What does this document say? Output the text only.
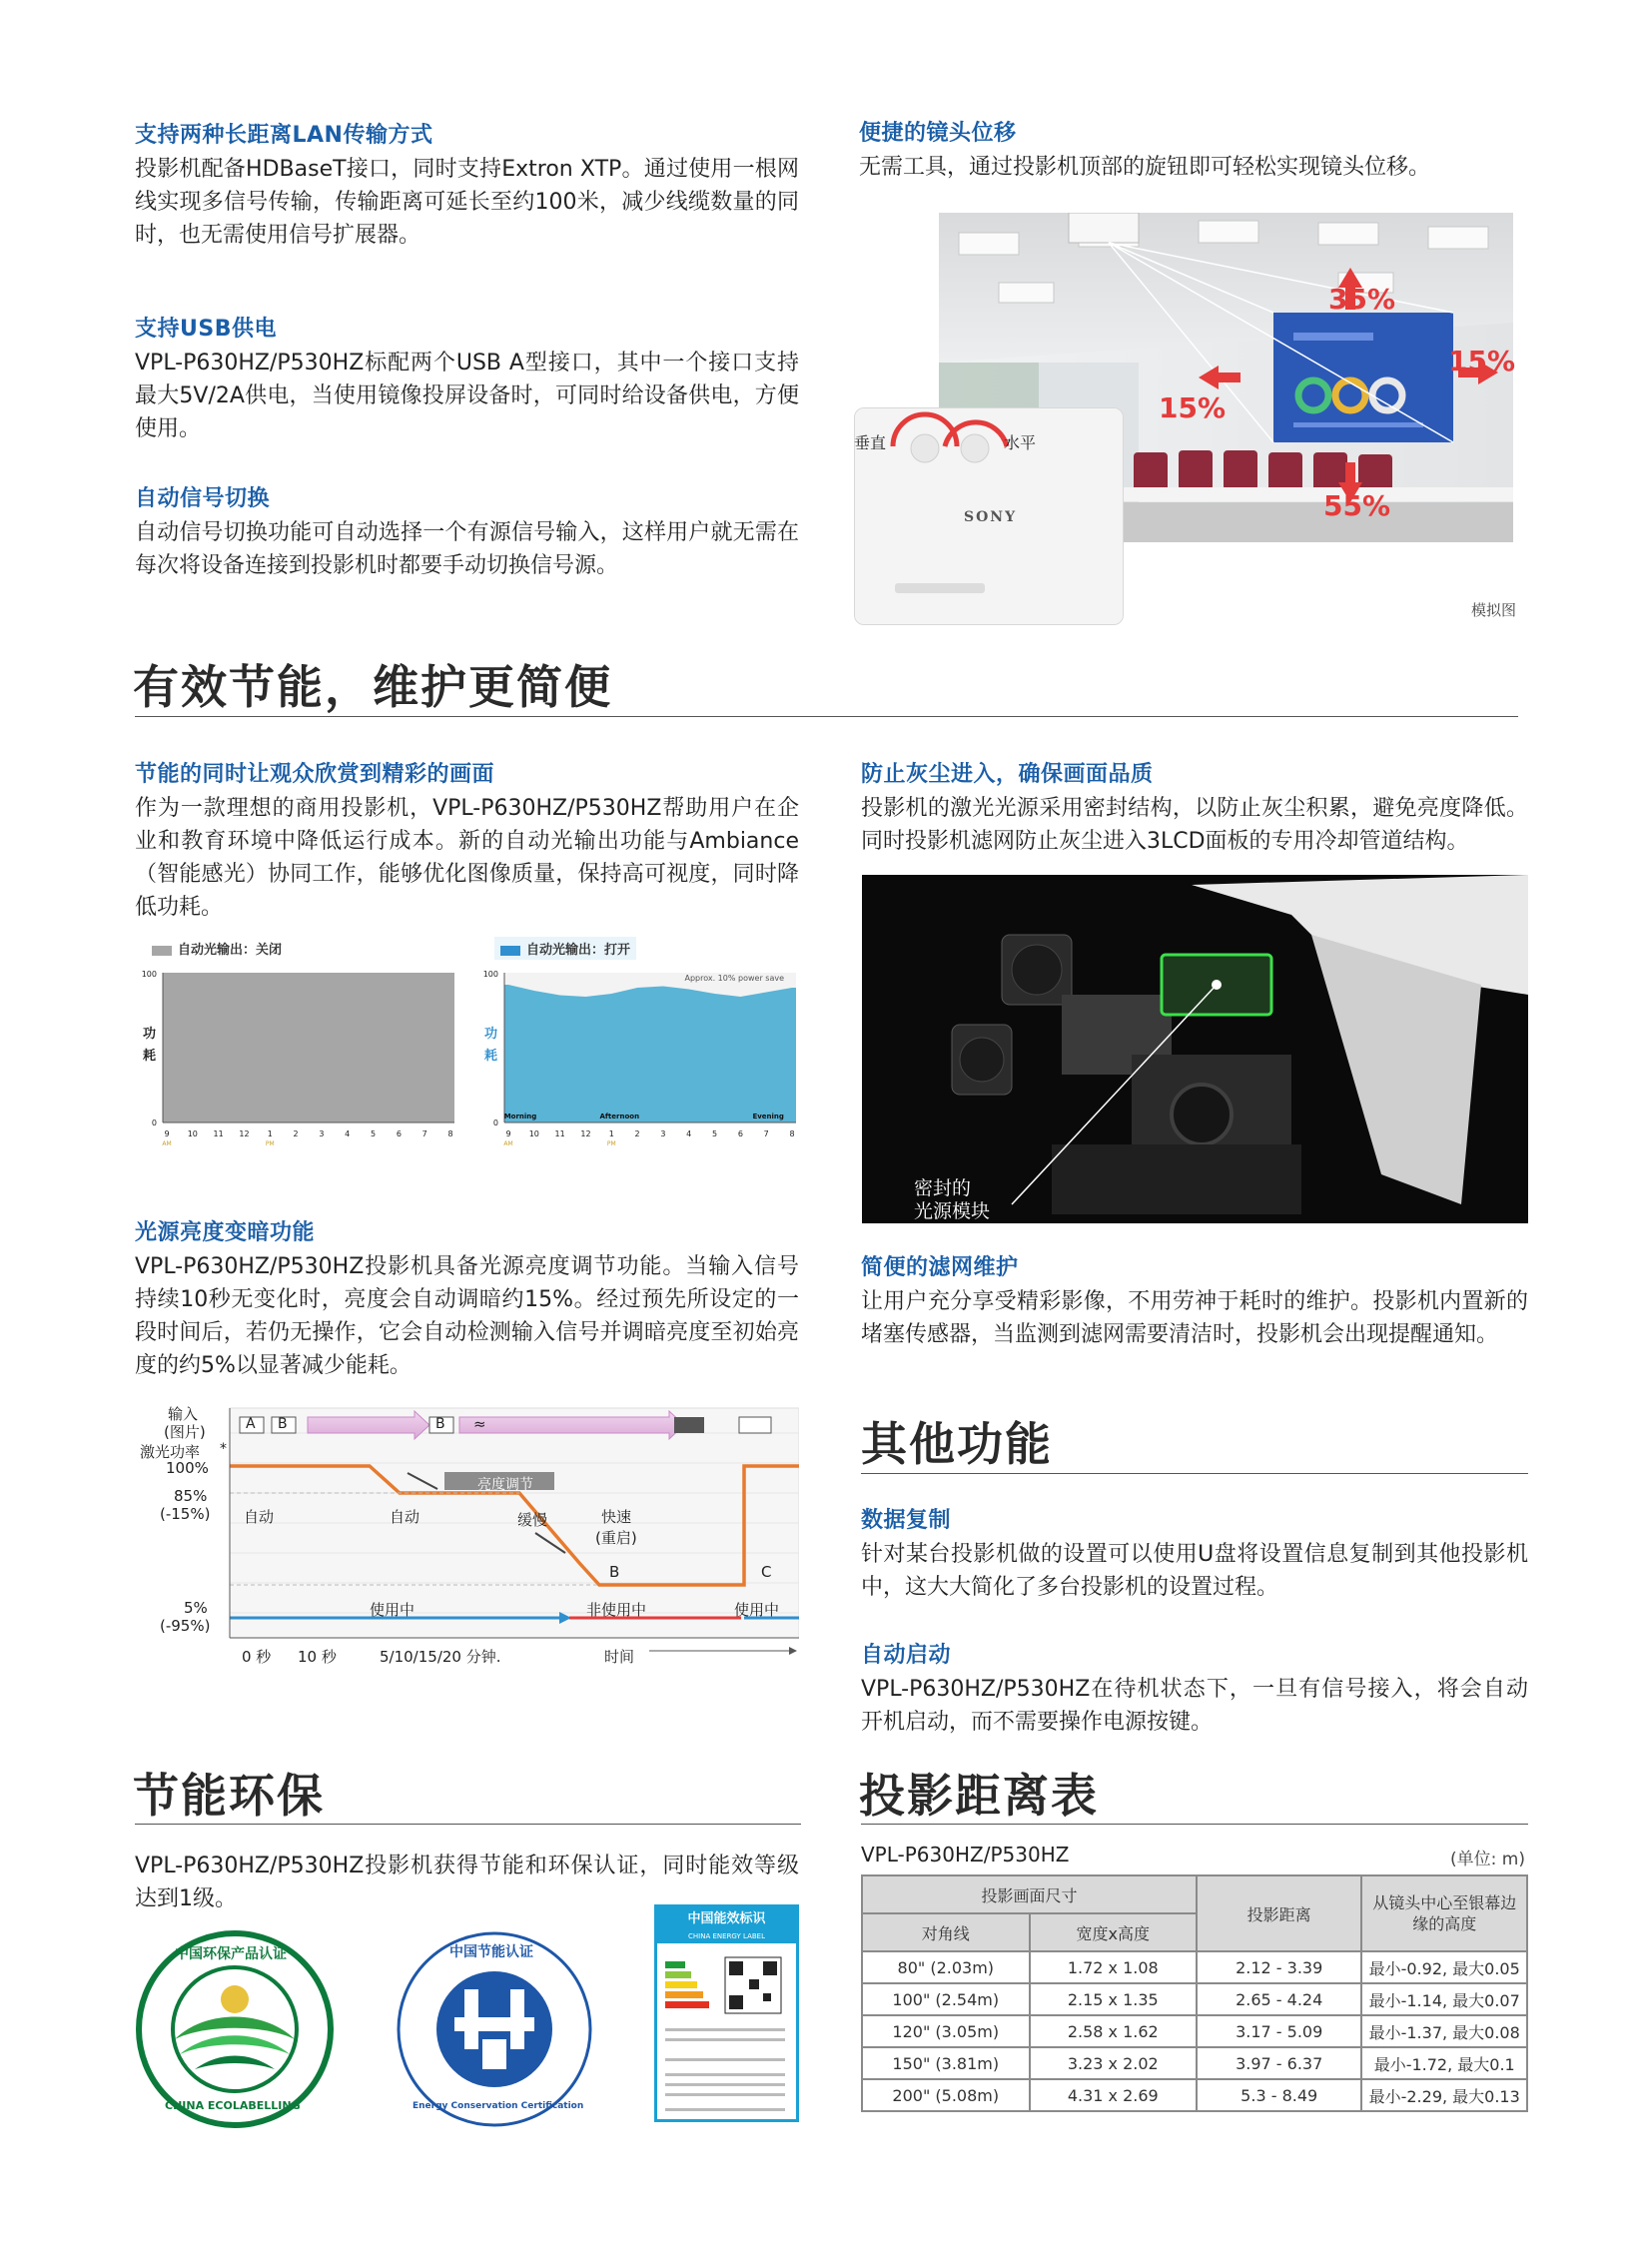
支持两种长距离LAN传输方式
投影机配备HDBaseT接口，同时支持Extron XTP。通过使用一根网线实现多信号传输，传输距离可延长至约100米，减少线缆数量的同时，也无需使用信号扩展器。
支持USB供电
VPL-P630HZ/P530HZ标配两个USB A型接口，其中一个接口支持最大5V/2A供电，当使用镜像投屏设备时，可同时给设备供电，方便使用。
自动信号切换
自动信号切换功能可自动选择一个有源信号输入，这样用户就无需在每次将设备连接到投影机时都要手动切换信号源。
便捷的镜头位移
无需工具，通过投影机顶部的旋钮即可轻松实现镜头位移。
35%
15%
15%
55%
垂直	水平
SONY
模拟图
有效节能，维护更简便
节能的同时让观众欣赏到精彩的画面
作为一款理想的商用投影机，VPL-P630HZ/P530HZ帮助用户在企业和教育环境中降低运行成本。新的自动光输出功能与Ambiance（智能感光）协同工作，能够优化图像质量，保持高可视度，同时降低功耗。
自动光输出：关闭
100
0
功
耗
9 10 11 12 1	2	3	4	5	6	7	8
AM	PM
自动光输出：打开
100
0
功
耗
9 10 11 12 1	2	3	4	5	6	7	8
AM	PM
Morning	Afternoon	Evening
Approx. 10% power save
光源亮度变暗功能
VPL-P630HZ/P530HZ投影机具备光源亮度调节功能。当输入信号持续10秒无变化时，亮度会自动调暗约15%。经过预先所设定的一段时间后，若仍无操作，它会自动检测输入信号并调暗亮度至初始亮度的约5%以显著减少能耗。
输入
(图片)
激光功率 *
100%
85%
(-15%)
5%
(-95%)
A B	B ≈
自动	自动
亮度调节
缓慢	快速
(重启)
B	C
使用中	非使用中	使用中
0 秒 10 秒	5/10/15/20 分钟.	时间
防止灰尘进入，确保画面品质
投影机的激光光源采用密封结构，以防止灰尘积累，避免亮度降低。同时投影机滤网防止灰尘进入3LCD面板的专用冷却管道结构。
密封的
光源模块
简便的滤网维护
让用户充分享受精彩影像，不用劳神于耗时的维护。投影机内置新的堵塞传感器，当监测到滤网需要清洁时，投影机会出现提醒通知。
其他功能
数据复制
针对某台投影机做的设置可以使用U盘将设置信息复制到其他投影机中，这大大简化了多台投影机的设置过程。
自动启动
VPL-P630HZ/P530HZ在待机状态下，一旦有信号接入，将会自动开机启动，而不需要操作电源按键。
节能环保
VPL-P630HZ/P530HZ投影机获得节能和环保认证，同时能效等级达到1级。
中国环保产品认证
CHINA ECOLABELLING
中国节能认证
Energy Conservation Certification
中国能效标识
CHINA ENERGY LABEL
投影距离表
VPL-P630HZ/P530HZ	(单位: m)
投影画面尺寸		投影距离	从镜头中心至银幕边
缘的高度
对角线	宽度x高度		
80" (2.03m)	1.72 x 1.08	2.12 - 3.39	最小-0.92, 最大0.05
100" (2.54m)	2.15 x 1.35	2.65 - 4.24	最小-1.14, 最大0.07
120" (3.05m)	2.58 x 1.62	3.17 - 5.09	最小-1.37, 最大0.08
150" (3.81m)	3.23 x 2.02	3.97 - 6.37	最小-1.72, 最大0.1
200" (5.08m)	4.31 x 2.69	5.3 - 8.49	最小-2.29, 最大0.13
